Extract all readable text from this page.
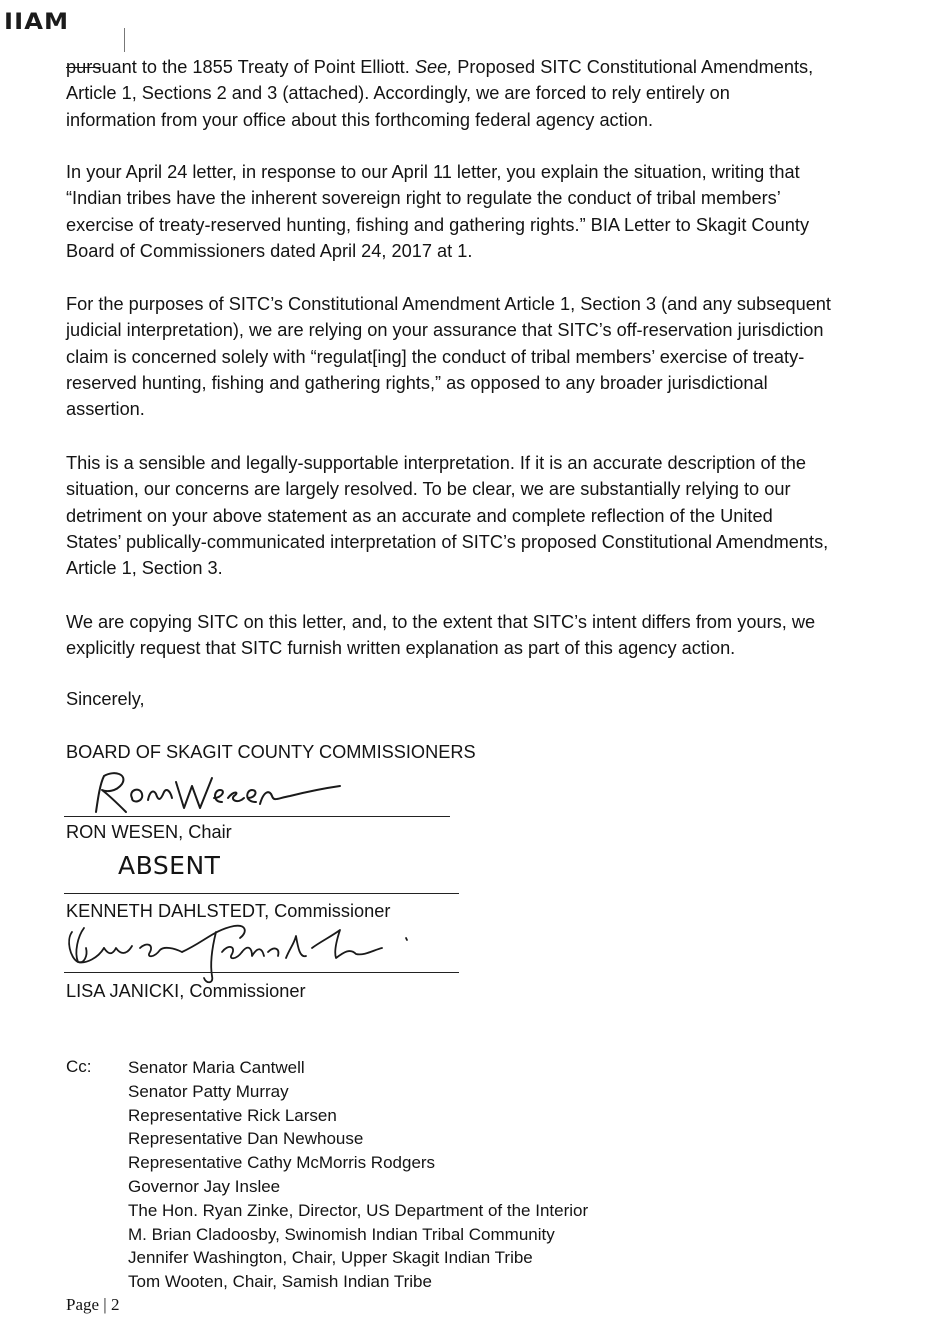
IIAM

pursuant to the 1855 Treaty of Point Elliott. See, Proposed SITC Constitutional Amendments,
Article 1, Sections 2 and 3 (attached). Accordingly, we are forced to rely entirely on
information from your office about this forthcoming federal agency action.

In your April 24 letter, in response to our April 11 letter, you explain the situation, writing that
“Indian tribes have the inherent sovereign right to regulate the conduct of tribal members’
exercise of treaty-reserved hunting, fishing and gathering rights.” BIA Letter to Skagit County
Board of Commissioners dated April 24, 2017 at 1.

For the purposes of SITC’s Constitutional Amendment Article 1, Section 3 (and any subsequent
judicial interpretation), we are relying on your assurance that SITC’s off-reservation jurisdiction
claim is concerned solely with “regulat[ing] the conduct of tribal members’ exercise of treaty-
reserved hunting, fishing and gathering rights,” as opposed to any broader jurisdictional
assertion.

This is a sensible and legally-supportable interpretation. If it is an accurate description of the
situation, our concerns are largely resolved. To be clear, we are substantially relying to our
detriment on your above statement as an accurate and complete reflection of the United
States’ publically-communicated interpretation of SITC’s proposed Constitutional Amendments,
Article 1, Section 3.

We are copying SITC on this letter, and, to the extent that SITC’s intent differs from yours, we
explicitly request that SITC furnish written explanation as part of this agency action.

Sincerely,
BOARD OF SKAGIT COUNTY COMMISSIONERS
RON WESEN, Chair
ABSENT
KENNETH DAHLSTEDT, Commissioner
LISA JANICKI, Commissioner
Cc: Senator Maria Cantwell
Senator Patty Murray
Representative Rick Larsen
Representative Dan Newhouse
Representative Cathy McMorris Rodgers
Governor Jay Inslee
The Hon. Ryan Zinke, Director, US Department of the Interior
M. Brian Cladoosby, Swinomish Indian Tribal Community
Jennifer Washington, Chair, Upper Skagit Indian Tribe
Tom Wooten, Chair, Samish Indian Tribe
Page | 2
